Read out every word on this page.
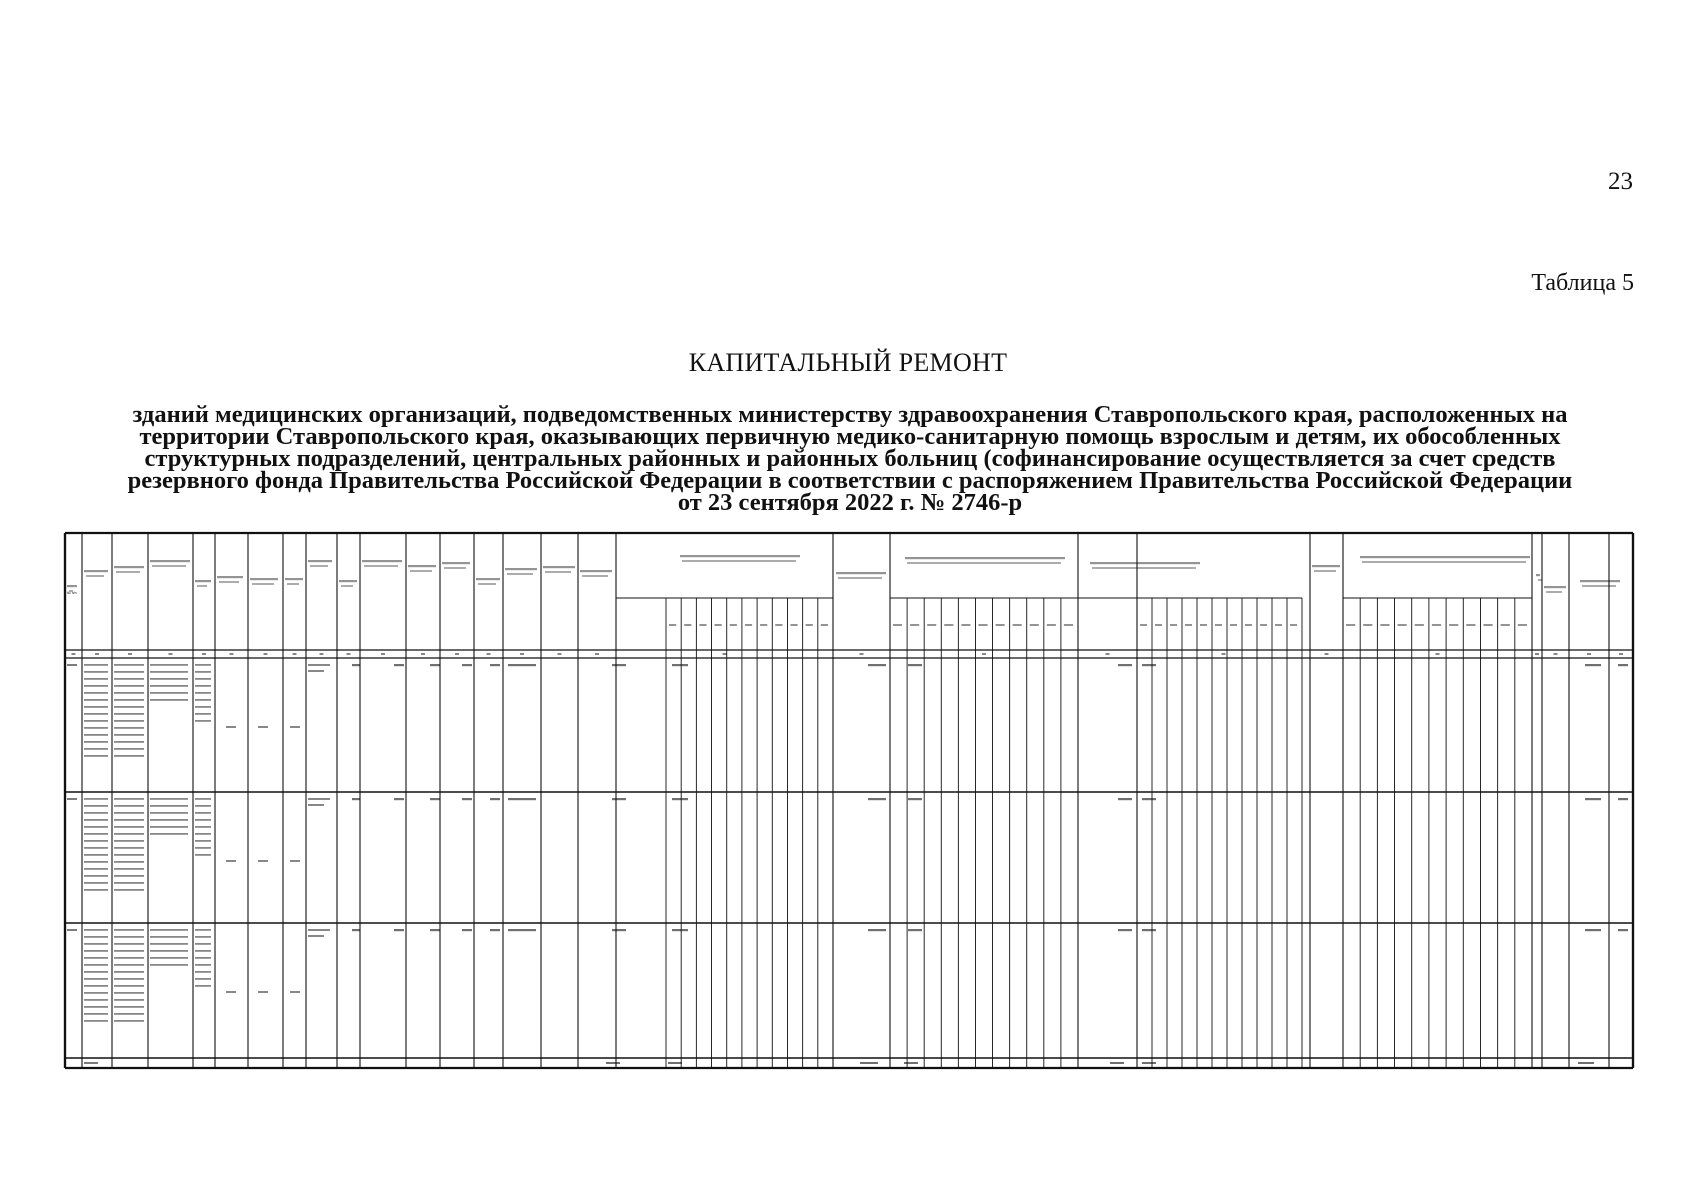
23
Таблица 5
КАПИТАЛЬНЫЙ РЕМОНТ
зданий медицинских организаций, подведомственных министерству здравоохранения Ставропольского края, расположенных на
территории Ставропольского края, оказывающих первичную медико-санитарную помощь взрослым и детям, их обособленных
структурных подразделений, центральных районных и районных больниц (софинансирование осуществляется за счет средств
резервного фонда Правительства Российской Федерации в соответствии с распоряжением Правительства Российской Федерации
от 23 сентября 2022 г. № 2746-р
№ п/п
